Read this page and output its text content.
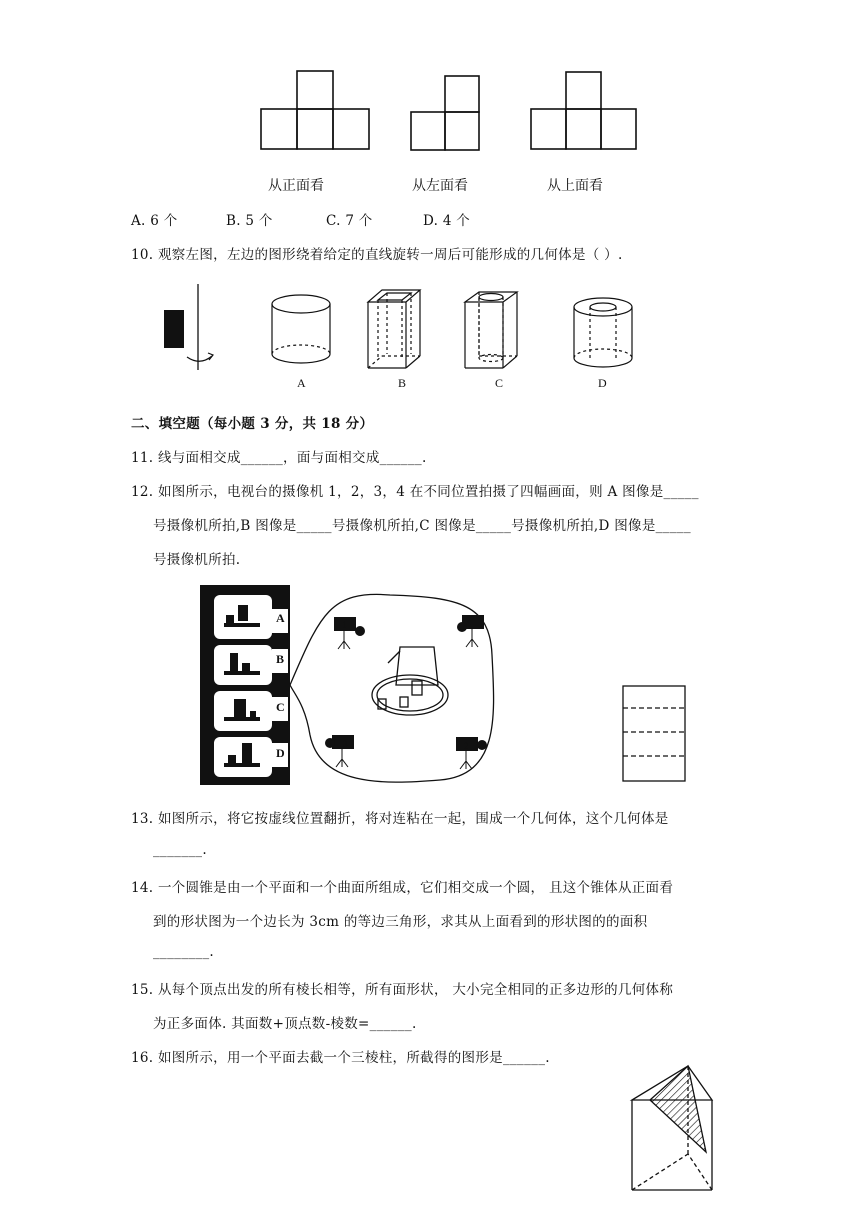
从正面看	从左面看	从上面看
A. 6 个	B. 5 个	C. 7 个	D. 4 个
10. 观察左图，左边的图形绕着给定的直线旋转一周后可能形成的几何体是（ ）.
A	B	C	D
二、填空题（每小题 3 分，共 18 分）
11. 线与面相交成______，面与面相交成______.
12. 如图所示，电视台的摄像机 1，2，3，4 在不同位置拍摄了四幅画面，则 A 图像是_____
号摄像机所拍,B 图像是_____号摄像机所拍,C 图像是_____号摄像机所拍,D 图像是_____
号摄像机所拍.
A
B
C
D
1
2
3
4
13. 如图所示，将它按虚线位置翻折，将对连粘在一起，围成一个几何体，这个几何体是
_______.
14. 一个圆锥是由一个平面和一个曲面所组成，它们相交成一个圆， 且这个锥体从正面看
到的形状图为一个边长为 3cm 的等边三角形，求其从上面看到的形状图的的面积
________.
15. 从每个顶点出发的所有棱长相等，所有面形状， 大小完全相同的正多边形的几何体称
为正多面体. 其面数+顶点数-棱数=______.
16. 如图所示，用一个平面去截一个三棱柱，所截得的图形是______.
